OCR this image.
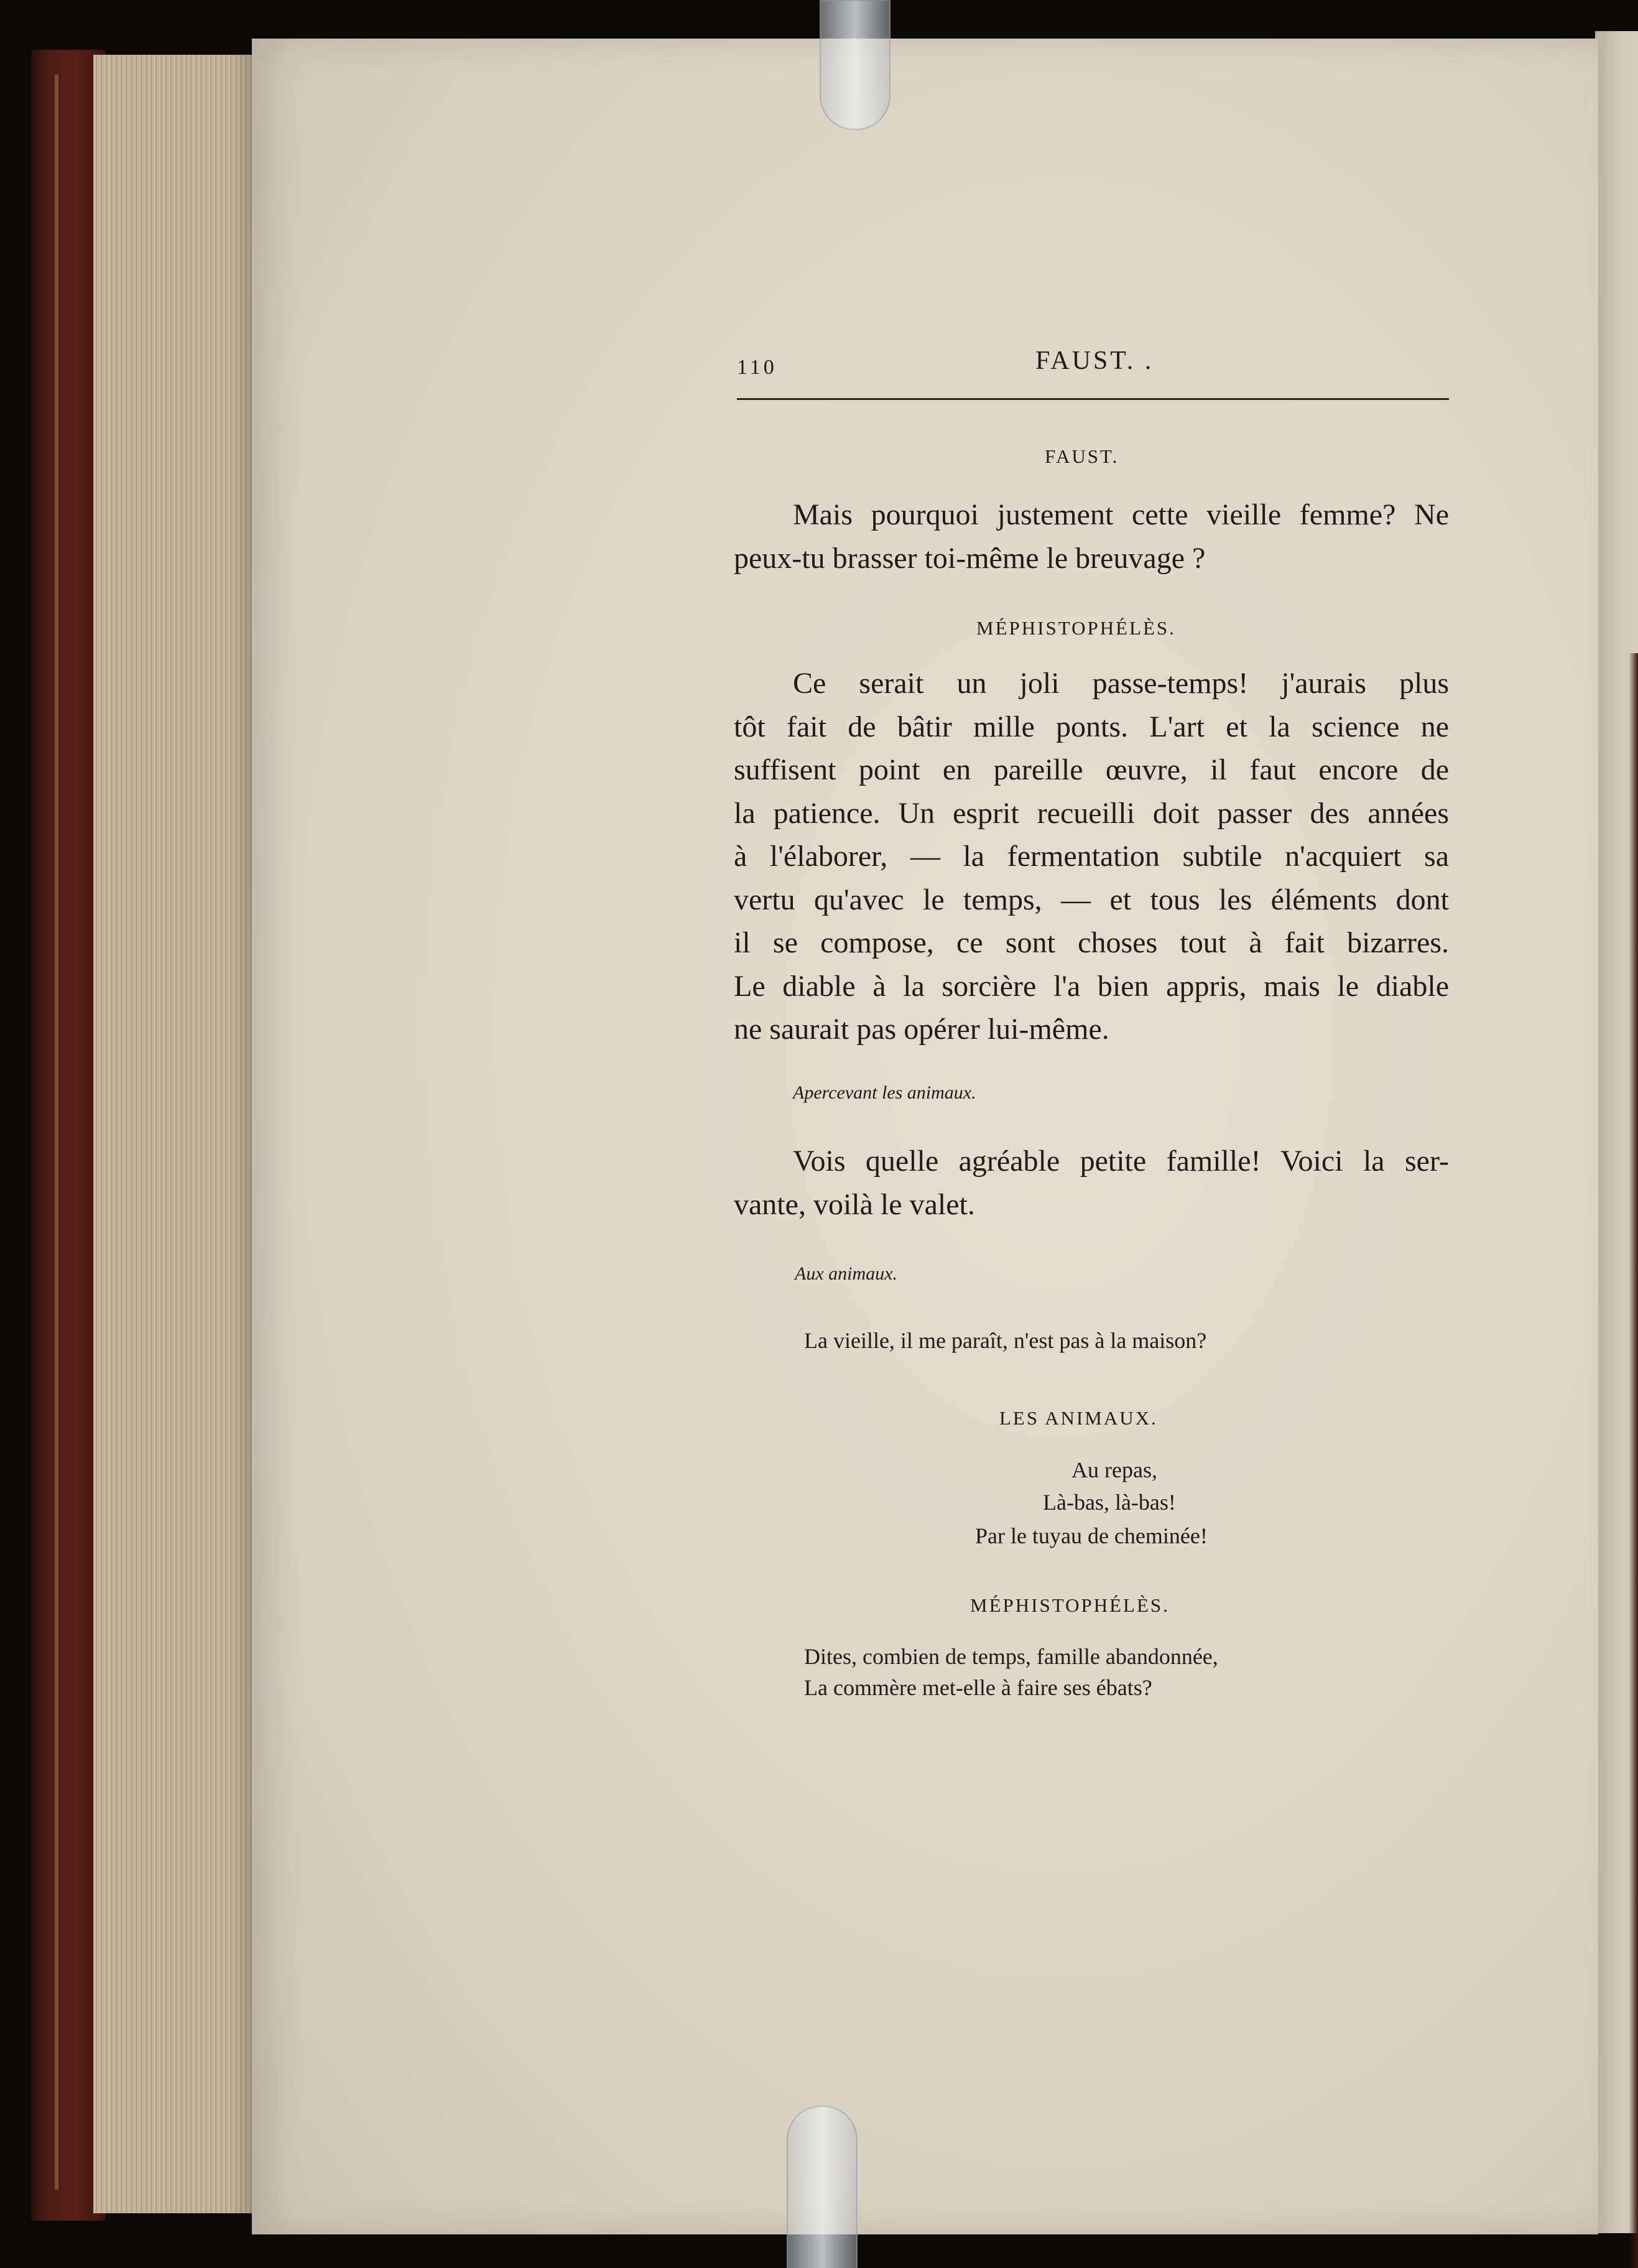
110	FAUST. .
FAUST.
Mais pourquoi justement cette vieille femme? Ne
peux-tu brasser toi-même le breuvage ?
MÉPHISTOPHÉLÈS.
Ce serait un joli passe-temps! j'aurais plus
tôt fait de bâtir mille ponts. L'art et la science ne
suffisent point en pareille œuvre, il faut encore de
la patience. Un esprit recueilli doit passer des années
à l'élaborer, — la fermentation subtile n'acquiert sa
vertu qu'avec le temps, — et tous les éléments dont
il se compose, ce sont choses tout à fait bizarres.
Le diable à la sorcière l'a bien appris, mais le diable
ne saurait pas opérer lui-même.
Apercevant les animaux.
Vois quelle agréable petite famille! Voici la ser-
vante, voilà le valet.
Aux animaux.
La vieille, il me paraît, n'est pas à la maison?
LES ANIMAUX.
Au repas,
Là-bas, là-bas!
Par le tuyau de cheminée!
MÉPHISTOPHÉLÈS.
Dites, combien de temps, famille abandonnée,
La commère met-elle à faire ses ébats?
